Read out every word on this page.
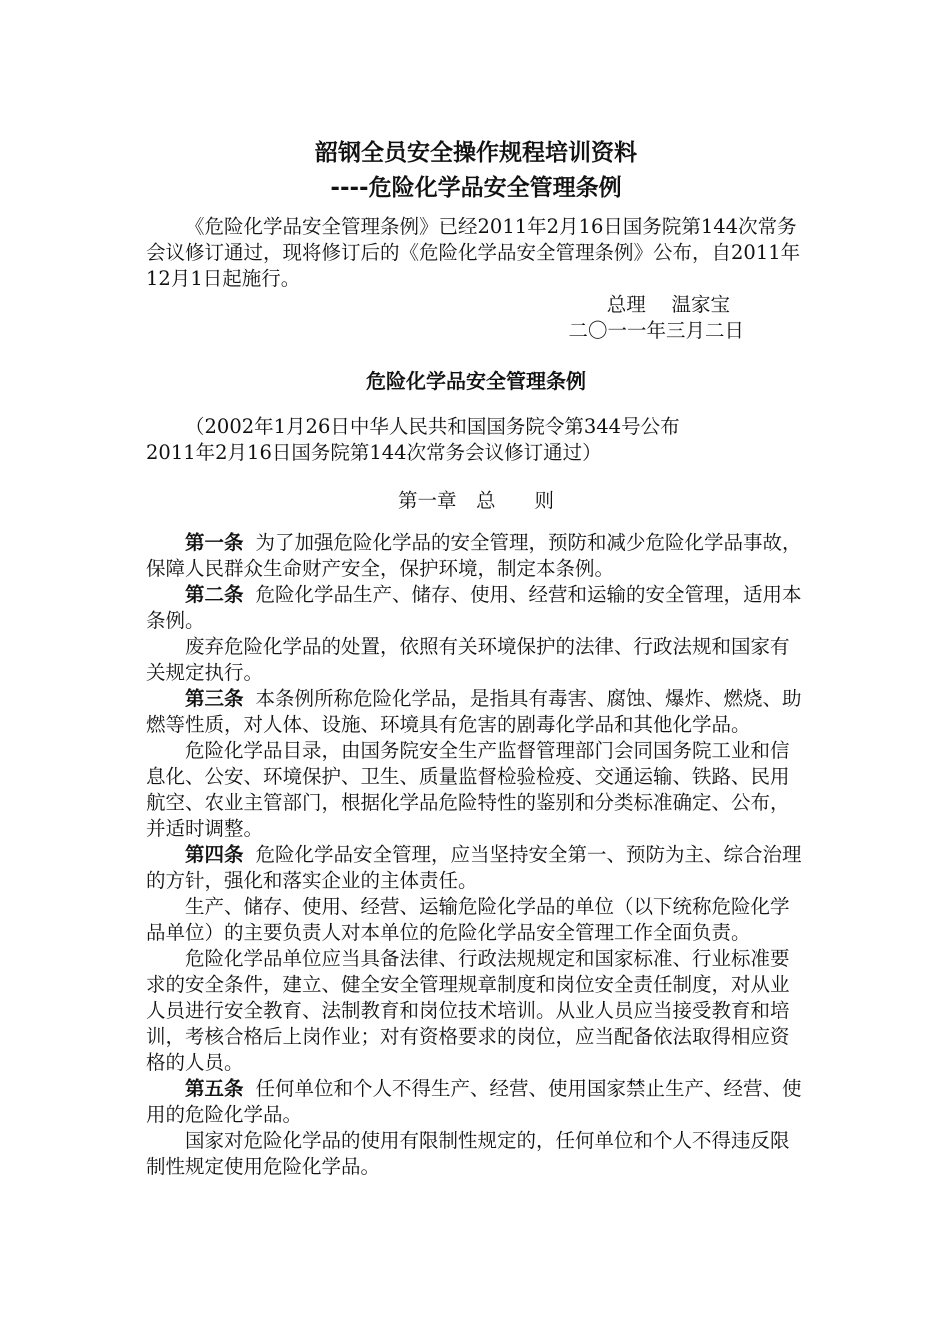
韶钢全员安全操作规程培训资料
----危险化学品安全管理条例

《危险化学品安全管理条例》已经2011年2月16日国务院第144次常务会议修订通过，现将修订后的《危险化学品安全管理条例》公布，自2011年12月1日起施行。

总理　 温家宝
二〇一一年三月二日
危险化学品安全管理条例

（2002年1月26日中华人民共和国国务院令第344号公布

2011年2月16日国务院第144次常务会议修订通过）

第一章　总　　则

第一条 为了加强危险化学品的安全管理，预防和减少危险化学品事故，保障人民群众生命财产安全，保护环境，制定本条例。

第二条 危险化学品生产、储存、使用、经营和运输的安全管理，适用本条例。

废弃危险化学品的处置，依照有关环境保护的法律、行政法规和国家有关规定执行。

第三条 本条例所称危险化学品，是指具有毒害、腐蚀、爆炸、燃烧、助燃等性质，对人体、设施、环境具有危害的剧毒化学品和其他化学品。

危险化学品目录，由国务院安全生产监督管理部门会同国务院工业和信息化、公安、环境保护、卫生、质量监督检验检疫、交通运输、铁路、民用航空、农业主管部门，根据化学品危险特性的鉴别和分类标准确定、公布，并适时调整。

第四条 危险化学品安全管理，应当坚持安全第一、预防为主、综合治理的方针，强化和落实企业的主体责任。

生产、储存、使用、经营、运输危险化学品的单位（以下统称危险化学品单位）的主要负责人对本单位的危险化学品安全管理工作全面负责。

危险化学品单位应当具备法律、行政法规规定和国家标准、行业标准要求的安全条件，建立、健全安全管理规章制度和岗位安全责任制度，对从业人员进行安全教育、法制教育和岗位技术培训。从业人员应当接受教育和培训，考核合格后上岗作业；对有资格要求的岗位，应当配备依法取得相应资格的人员。

第五条 任何单位和个人不得生产、经营、使用国家禁止生产、经营、使用的危险化学品。

国家对危险化学品的使用有限制性规定的，任何单位和个人不得违反限制性规定使用危险化学品。
